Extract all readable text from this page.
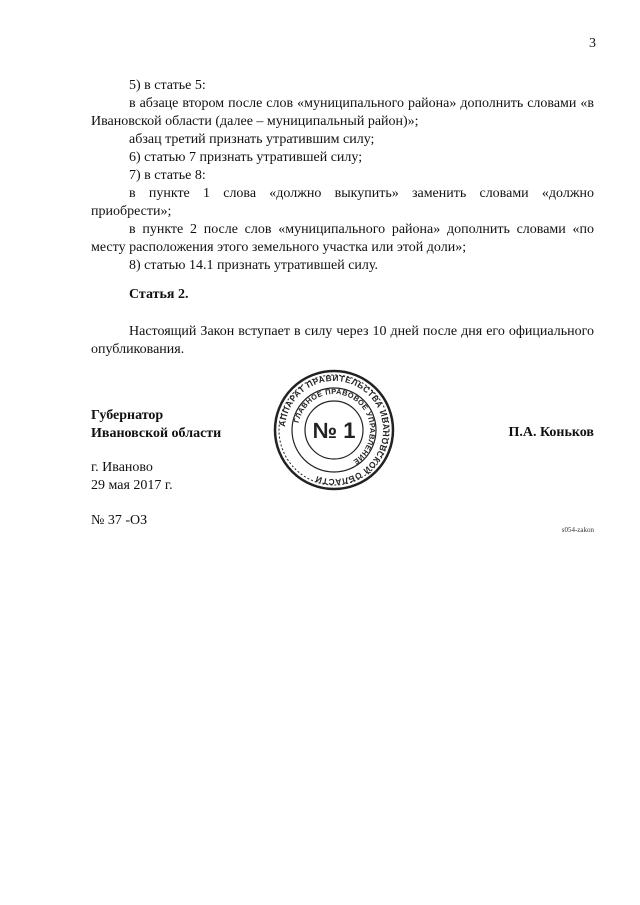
3

5) в статье 5:

в абзаце втором после слов «муниципального района» дополнить словами «в Ивановской области (далее – муниципальный район)»;

абзац третий признать утратившим силу;

6) статью 7 признать утратившей силу;

7) в статье 8:

в пункте 1 слова «должно выкупить» заменить словами «должно приобрести»;

в пункте 2 после слов «муниципального района» дополнить словами «по месту расположения этого земельного участка или этой доли»;

8) статью 14.1 признать утратившей силу.

Статья 2.

Настоящий Закон вступает в силу через 10 дней после дня его официального опубликования.

Губернатор
Ивановской области
АППАРАТ ПРАВИТЕЛЬСТВА ИВАНОВСКОЙ ОБЛАСТИ
ГЛАВНОЕ ПРАВОВОЕ УПРАВЛЕНИЕ
№ 1	П.А. Коньков
г. Иваново
29 мая 2017 г.
№ 37 -ОЗ
s054-zakon
